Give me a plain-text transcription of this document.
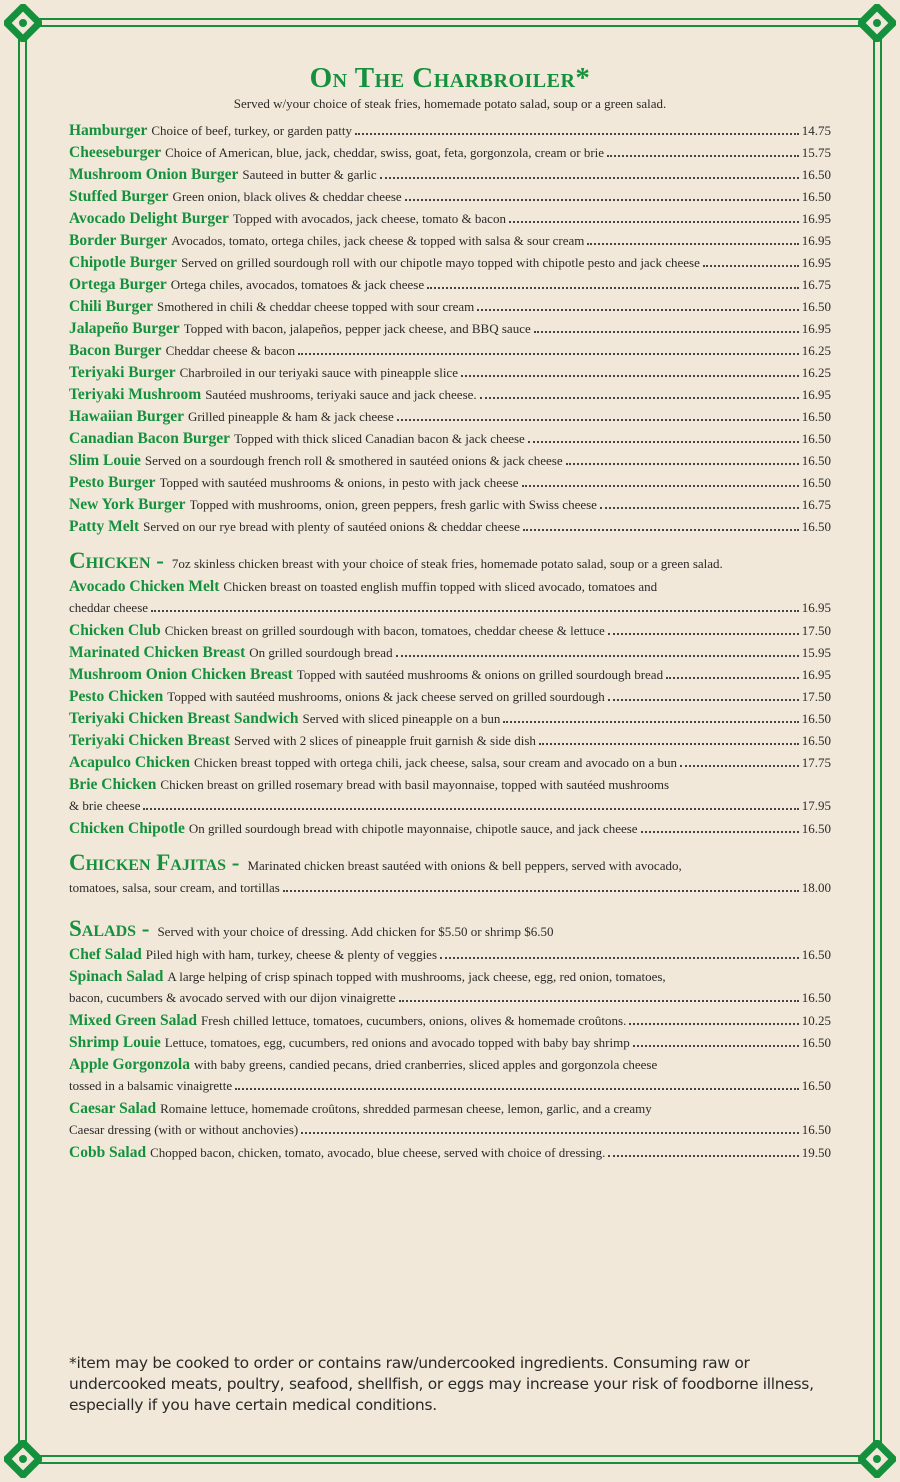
On The Charbroiler*

Served w/your choice of steak fries, homemade potato salad, soup or a green salad.

Hamburger Choice of beef, turkey, or garden patty	14.75
Cheeseburger Choice of American, blue, jack, cheddar, swiss, goat, feta, gorgonzola, cream or brie	15.75
Mushroom Onion Burger Sauteed in butter & garlic	16.50
Stuffed Burger Green onion, black olives & cheddar cheese	16.50
Avocado Delight Burger Topped with avocados, jack cheese, tomato & bacon	16.95
Border Burger Avocados, tomato, ortega chiles, jack cheese & topped with salsa & sour cream	16.95
Chipotle Burger Served on grilled sourdough roll with our chipotle mayo topped with chipotle pesto and jack cheese	16.95
Ortega Burger Ortega chiles, avocados, tomatoes & jack cheese	16.75
Chili Burger Smothered in chili & cheddar cheese topped with sour cream	16.50
Jalapeño Burger Topped with bacon, jalapeños, pepper jack cheese, and BBQ sauce	16.95
Bacon Burger Cheddar cheese & bacon	16.25
Teriyaki Burger Charbroiled in our teriyaki sauce with pineapple slice	16.25
Teriyaki Mushroom Sautéed mushrooms, teriyaki sauce and jack cheese.	16.95
Hawaiian Burger Grilled pineapple & ham & jack cheese	16.50
Canadian Bacon Burger Topped with thick sliced Canadian bacon & jack cheese	16.50
Slim Louie Served on a sourdough french roll & smothered in sautéed onions & jack cheese	16.50
Pesto Burger Topped with sautéed mushrooms & onions, in pesto with jack cheese	16.50
New York Burger Topped with mushrooms, onion, green peppers, fresh garlic with Swiss cheese	16.75
Patty Melt Served on our rye bread with plenty of sautéed onions & cheddar cheese	16.50
Chicken - 7oz skinless chicken breast with your choice of steak fries, homemade potato salad, soup or a green salad.
Avocado Chicken Melt Chicken breast on toasted english muffin topped with sliced avocado, tomatoes and
cheddar cheese	16.95
Chicken Club Chicken breast on grilled sourdough with bacon, tomatoes, cheddar cheese & lettuce	17.50
Marinated Chicken Breast On grilled sourdough bread	15.95
Mushroom Onion Chicken Breast Topped with sautéed mushrooms & onions on grilled sourdough bread	16.95
Pesto Chicken Topped with sautéed mushrooms, onions & jack cheese served on grilled sourdough	17.50
Teriyaki Chicken Breast Sandwich Served with sliced pineapple on a bun	16.50
Teriyaki Chicken Breast Served with 2 slices of pineapple fruit garnish & side dish	16.50
Acapulco Chicken Chicken breast topped with ortega chili, jack cheese, salsa, sour cream and avocado on a bun	17.75
Brie Chicken Chicken breast on grilled rosemary bread with basil mayonnaise, topped with sautéed mushrooms
& brie cheese	17.95
Chicken Chipotle On grilled sourdough bread with chipotle mayonnaise, chipotle sauce, and jack cheese	16.50
Chicken Fajitas - Marinated chicken breast sautéed with onions & bell peppers, served with avocado,
tomatoes, salsa, sour cream, and tortillas	18.00
Salads - Served with your choice of dressing. Add chicken for $5.50 or shrimp $6.50
Chef Salad Piled high with ham, turkey, cheese & plenty of veggies	16.50
Spinach Salad A large helping of crisp spinach topped with mushrooms, jack cheese, egg, red onion, tomatoes,
bacon, cucumbers & avocado served with our dijon vinaigrette	16.50
Mixed Green Salad Fresh chilled lettuce, tomatoes, cucumbers, onions, olives & homemade croûtons.	10.25
Shrimp Louie Lettuce, tomatoes, egg, cucumbers, red onions and avocado topped with baby bay shrimp	16.50
Apple Gorgonzola with baby greens, candied pecans, dried cranberries, sliced apples and gorgonzola cheese
tossed in a balsamic vinaigrette	16.50
Caesar Salad Romaine lettuce, homemade croûtons, shredded parmesan cheese, lemon, garlic, and a creamy
Caesar dressing (with or without anchovies)	16.50
Cobb Salad Chopped bacon, chicken, tomato, avocado, blue cheese, served with choice of dressing.	19.50
*item may be cooked to order or contains raw/undercooked ingredients. Consuming raw or undercooked meats, poultry, seafood, shellfish, or eggs may increase your risk of foodborne illness, especially if you have certain medical conditions.
